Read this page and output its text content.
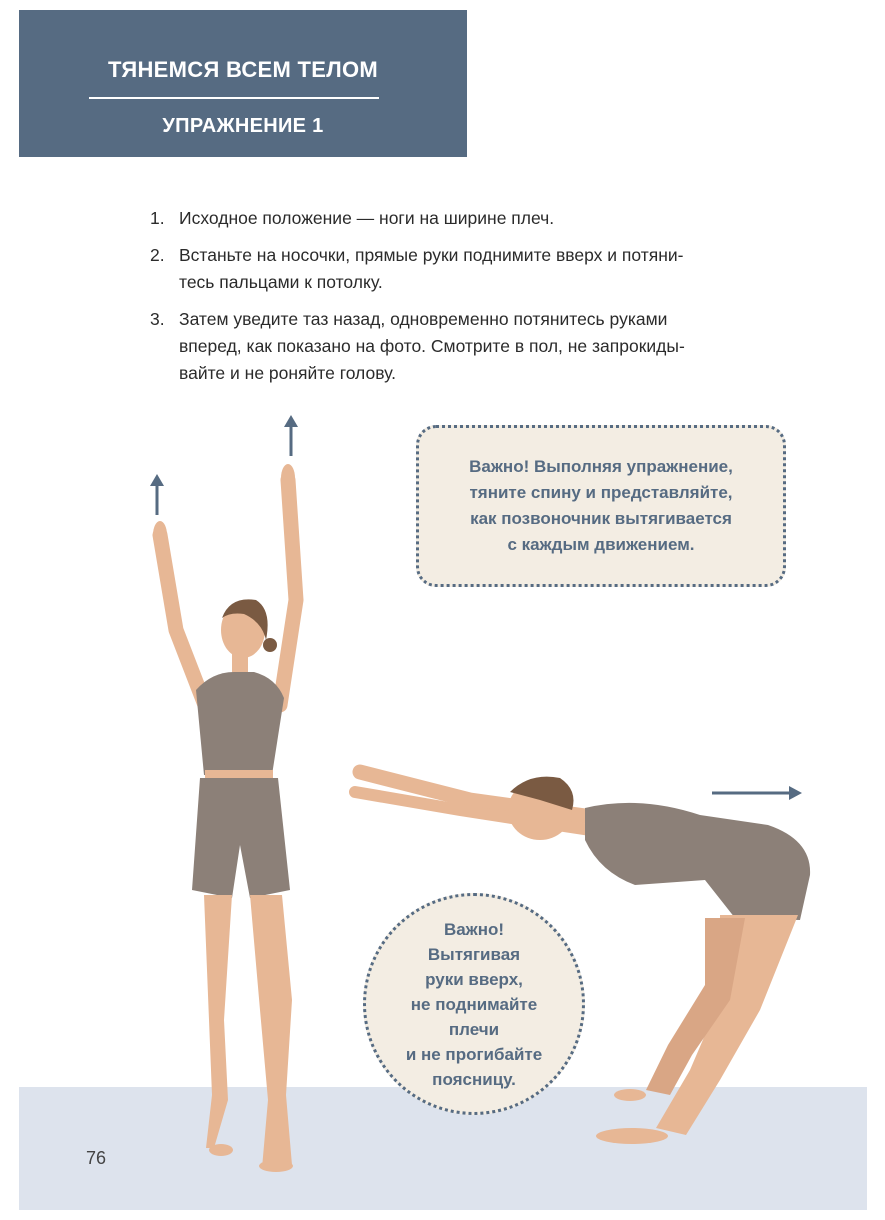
ТЯНЕМСЯ ВСЕМ ТЕЛОМ
УПРАЖНЕНИЕ 1
1. Исходное положение — ноги на ширине плеч.
2. Встаньте на носочки, прямые руки поднимите вверх и потяни-
тесь пальцами к потолку.
3. Затем уведите таз назад, одновременно потянитесь руками
вперед, как показано на фото. Смотрите в пол, не запрокиды-
вайте и не роняйте голову.
Важно! Выполняя упражнение,
тяните спину и представляйте,
как позвоночник вытягивается
с каждым движением.
Важно!
Вытягивая
руки вверх,
не поднимайте
плечи
и не прогибайте
поясницу.
76
